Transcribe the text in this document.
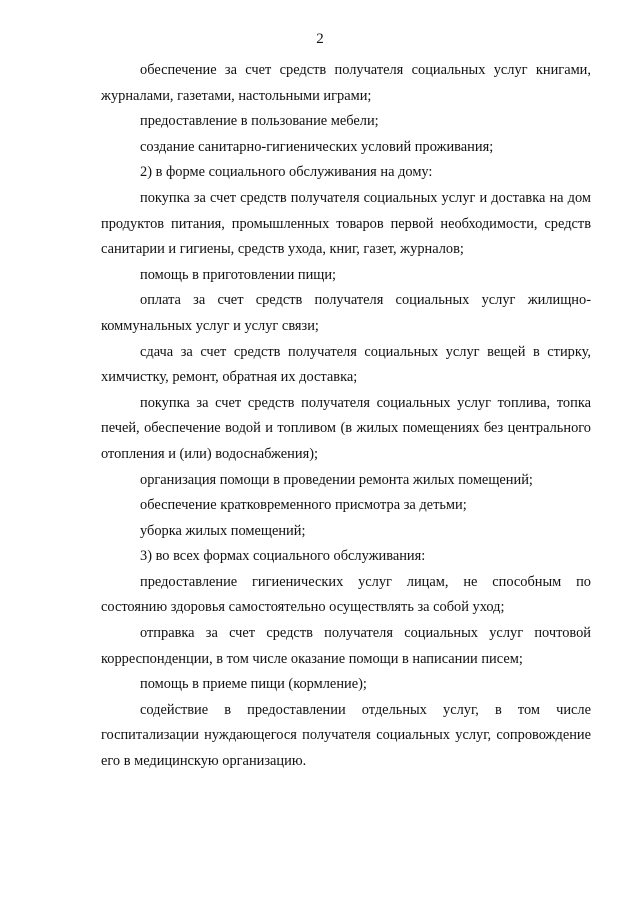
2

обеспечение за счет средств получателя социальных услуг книгами, журналами, газетами, настольными играми;

предоставление в пользование мебели;

создание санитарно-гигиенических условий проживания;

2) в форме социального обслуживания на дому:

покупка за счет средств получателя социальных услуг и доставка на дом продуктов питания, промышленных товаров первой необходимости, средств санитарии и гигиены, средств ухода, книг, газет, журналов;

помощь в приготовлении пищи;

оплата за счет средств получателя социальных услуг жилищно-коммунальных услуг и услуг связи;

сдача за счет средств получателя социальных услуг вещей в стирку, химчистку, ремонт, обратная их доставка;

покупка за счет средств получателя социальных услуг топлива, топка печей, обеспечение водой и топливом (в жилых помещениях без центрального отопления и (или) водоснабжения);

организация помощи в проведении ремонта жилых помещений;

обеспечение кратковременного присмотра за детьми;

уборка жилых помещений;

3) во всех формах социального обслуживания:

предоставление гигиенических услуг лицам, не способным по состоянию здоровья самостоятельно осуществлять за собой уход;

отправка за счет средств получателя социальных услуг почтовой корреспонденции, в том числе оказание помощи в написании писем;

помощь в приеме пищи (кормление);

содействие в предоставлении отдельных услуг, в том числе госпитализации нуждающегося получателя социальных услуг, сопровождение его в медицинскую организацию.
